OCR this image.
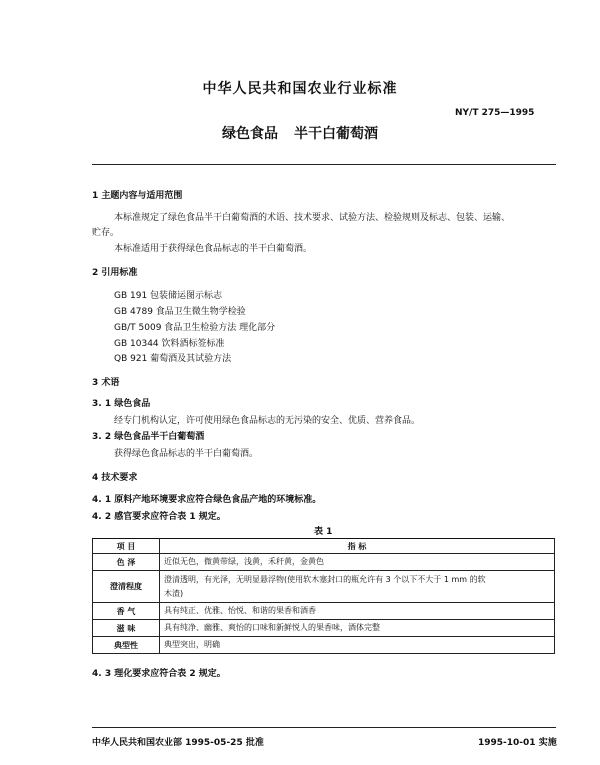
中华人民共和国农业行业标准
NY/T 275—1995
绿色食品 半干白葡萄酒
1 主题内容与适用范围
本标准规定了绿色食品半干白葡萄酒的术语、技术要求、试验方法、检验规则及标志、包装、运输、
贮存。
本标准适用于获得绿色食品标志的半干白葡萄酒。
2 引用标准
GB 191 包装储运图示标志
GB 4789 食品卫生微生物学检验
GB/T 5009 食品卫生检验方法 理化部分
GB 10344 饮料酒标签标准
QB 921 葡萄酒及其试验方法
3 术语
3. 1 绿色食品
经专门机构认定，许可使用绿色食品标志的无污染的安全、优质、营养食品。
3. 2 绿色食品半干白葡萄酒
获得绿色食品标志的半干白葡萄酒。
4 技术要求
4. 1 原料产地环境要求应符合绿色食品产地的环境标准。
4. 2 感官要求应符合表 1 规定。
表 1
项 目	指 标
色 泽	近似无色，微黄带绿，浅黄，禾秆黄，金黄色
澄清程度	澄清透明，有光泽，无明显悬浮物(使用软木塞封口的瓶允许有 3 个以下不大于 1 mm 的软
木渣)

香 气	具有纯正、优雅、怡悦、和谐的果香和酒香
滋 味	具有纯净、幽雅、爽怡的口味和新鲜悦人的果香味，酒体完整
典型性	典型突出，明确
4. 3 理化要求应符合表 2 规定。
中华人民共和国农业部 1995-05-25 批准	1995-10-01 实施
